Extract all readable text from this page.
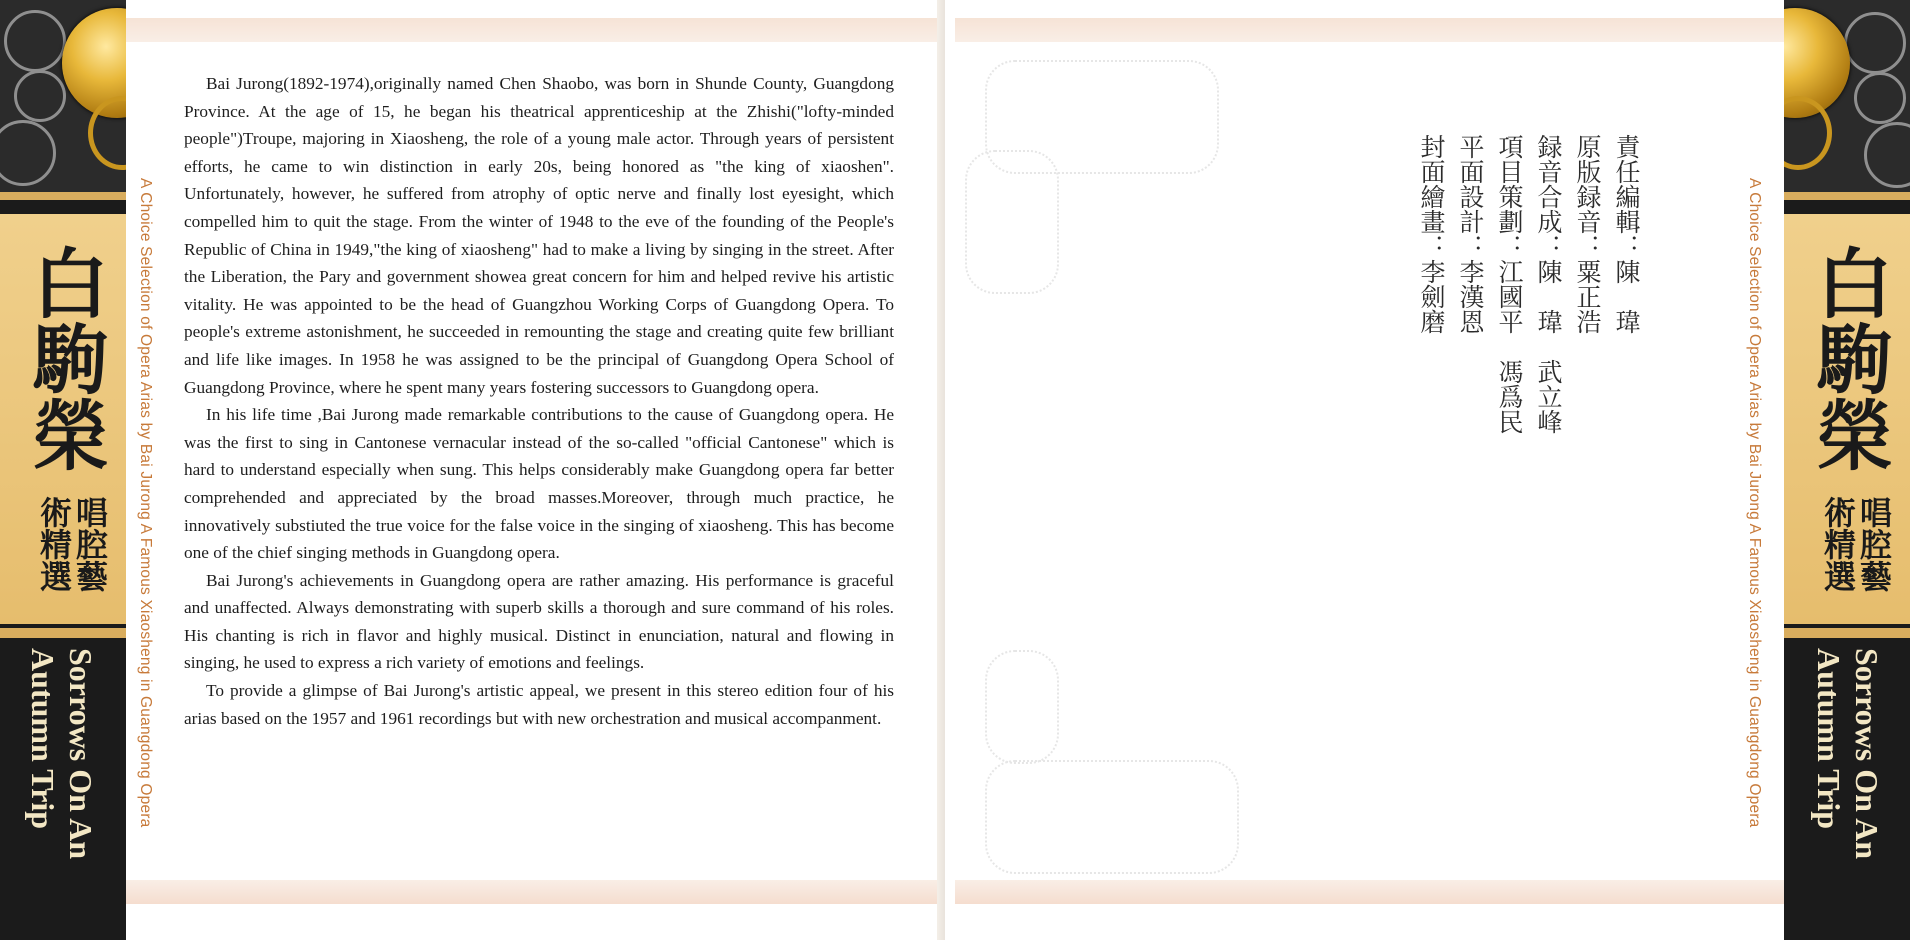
白駒榮
唱腔藝術精選
Sorrows On An
Autumn Trip	A Choice Selection of Opera Arias by Bai Jurong A Famous Xiaosheng in Guangdong Opera

Bai Jurong(1892-1974),originally named Chen Shaobo, was born in Shunde County, Guangdong Province. At the age of 15, he began his theatrical apprenticeship at the Zhishi("lofty-minded people")Troupe, majoring in Xiaosheng, the role of a young male actor. Through years of persistent efforts, he came to win distinction in early 20s, being honored as "the king of xiaoshen". Unfortunately, however, he suffered from atrophy of optic nerve and finally lost eyesight, which compelled him to quit the stage. From the winter of 1948 to the eve of the founding of the People's Republic of China in 1949,"the king of xiaosheng" had to make a living by singing in the street. After the Liberation, the Pary and government showea great concern for him and helped revive his artistic vitality. He was appointed to be the head of Guangzhou Working Corps of Guangdong Opera. To people's extreme astonishment, he succeeded in remounting the stage and creating quite few brilliant and life like images. In 1958 he was assigned to be the principal of Guangdong Opera School of Guangdong Province, where he spent many years fostering successors to Guangdong opera.

In his life time ,Bai Jurong made remarkable contributions to the cause of Guangdong opera. He was the first to sing in Cantonese vernacular instead of the so-called "official Cantonese" which is hard to understand especially when sung. This helps considerably make Guangdong opera far better comprehended and appreciated by the broad masses.Moreover, through much practice, he innovatively substiuted the true voice for the false voice in the singing of xiaosheng. This has become one of the chief singing methods in Guangdong opera.

Bai Jurong's achievements in Guangdong opera are rather amazing. His performance is graceful and unaffected. Always demonstrating with superb skills a thorough and sure command of his roles. His chanting is rich in flavor and highly musical. Distinct in enunciation, natural and flowing in singing, he used to express a rich variety of emotions and feelings.

To provide a glimpse of Bai Jurong's artistic appeal, we present in this stereo edition four of his arias based on the 1957 and 1961 recordings but with new orchestration and musical accompanment.

白駒榮
唱腔藝術精選
Sorrows On An
Autumn Trip
A Choice Selection of Opera Arias by Bai Jurong A Famous Xiaosheng in Guangdong Opera
責任編輯：陳　瑋
原版録音：粟正浩
録音合成：陳　瑋　武立峰
項目策劃：江國平　馮爲民
平面設計：李漢恩
封面繪畫：李劍磨
